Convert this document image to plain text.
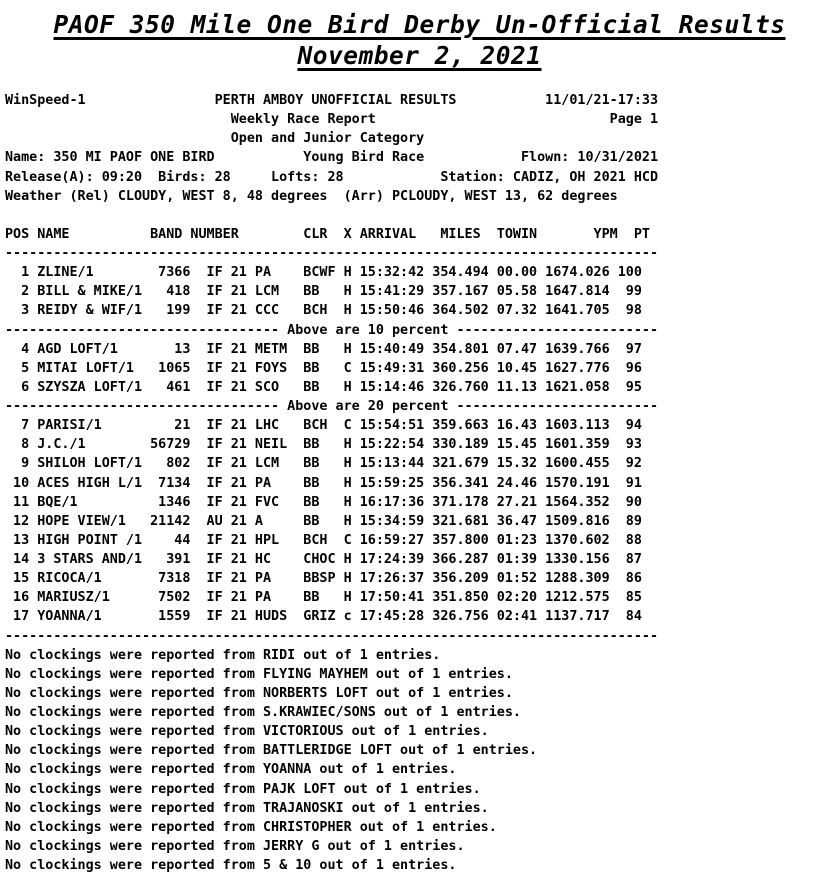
PAOF 350 Mile One Bird Derby Un-Official Results
November 2, 2021
WinSpeed-1                PERTH AMBOY UNOFFICIAL RESULTS           11/01/21-17:33
Weekly Race Report                             Page 1
Open and Junior Category
Name: 350 MI PAOF ONE BIRD           Young Bird Race            Flown: 10/31/2021
Release(A): 09:20  Birds: 28     Lofts: 28            Station: CADIZ, OH 2021 HCD
Weather (Rel) CLOUDY, WEST 8, 48 degrees  (Arr) PCLOUDY, WEST 13, 62 degrees
POS NAME          BAND NUMBER        CLR  X ARRIVAL   MILES  TOWIN       YPM  PT
---------------------------------------------------------------------------------
1 ZLINE/1        7366  IF 21 PA    BCWF H 15:32:42 354.494 00.00 1674.026 100
2 BILL & MIKE/1   418  IF 21 LCM   BB   H 15:41:29 357.167 05.58 1647.814  99
3 REIDY & WIF/1   199  IF 21 CCC   BCH  H 15:50:46 364.502 07.32 1641.705  98
---------------------------------- Above are 10 percent -------------------------
4 AGD LOFT/1       13  IF 21 METM  BB   H 15:40:49 354.801 07.47 1639.766  97
5 MITAI LOFT/1   1065  IF 21 FOYS  BB   C 15:49:31 360.256 10.45 1627.776  96
6 SZYSZA LOFT/1   461  IF 21 SCO   BB   H 15:14:46 326.760 11.13 1621.058  95
---------------------------------- Above are 20 percent -------------------------
7 PARISI/1         21  IF 21 LHC   BCH  C 15:54:51 359.663 16.43 1603.113  94
8 J.C./1        56729  IF 21 NEIL  BB   H 15:22:54 330.189 15.45 1601.359  93
9 SHILOH LOFT/1   802  IF 21 LCM   BB   H 15:13:44 321.679 15.32 1600.455  92
10 ACES HIGH L/1  7134  IF 21 PA    BB   H 15:59:25 356.341 24.46 1570.191  91
11 BQE/1          1346  IF 21 FVC   BB   H 16:17:36 371.178 27.21 1564.352  90
12 HOPE VIEW/1   21142  AU 21 A     BB   H 15:34:59 321.681 36.47 1509.816  89
13 HIGH POINT /1    44  IF 21 HPL   BCH  C 16:59:27 357.800 01:23 1370.602  88
14 3 STARS AND/1   391  IF 21 HC    CHOC H 17:24:39 366.287 01:39 1330.156  87
15 RICOCA/1       7318  IF 21 PA    BBSP H 17:26:37 356.209 01:52 1288.309  86
16 MARIUSZ/1      7502  IF 21 PA    BB   H 17:50:41 351.850 02:20 1212.575  85
17 YOANNA/1       1559  IF 21 HUDS  GRIZ c 17:45:28 326.756 02:41 1137.717  84
---------------------------------------------------------------------------------
No clockings were reported from RIDI out of 1 entries.
No clockings were reported from FLYING MAYHEM out of 1 entries.
No clockings were reported from NORBERTS LOFT out of 1 entries.
No clockings were reported from S.KRAWIEC/SONS out of 1 entries.
No clockings were reported from VICTORIOUS out of 1 entries.
No clockings were reported from BATTLERIDGE LOFT out of 1 entries.
No clockings were reported from YOANNA out of 1 entries.
No clockings were reported from PAJK LOFT out of 1 entries.
No clockings were reported from TRAJANOSKI out of 1 entries.
No clockings were reported from CHRISTOPHER out of 1 entries.
No clockings were reported from JERRY G out of 1 entries.
No clockings were reported from 5 & 10 out of 1 entries.
